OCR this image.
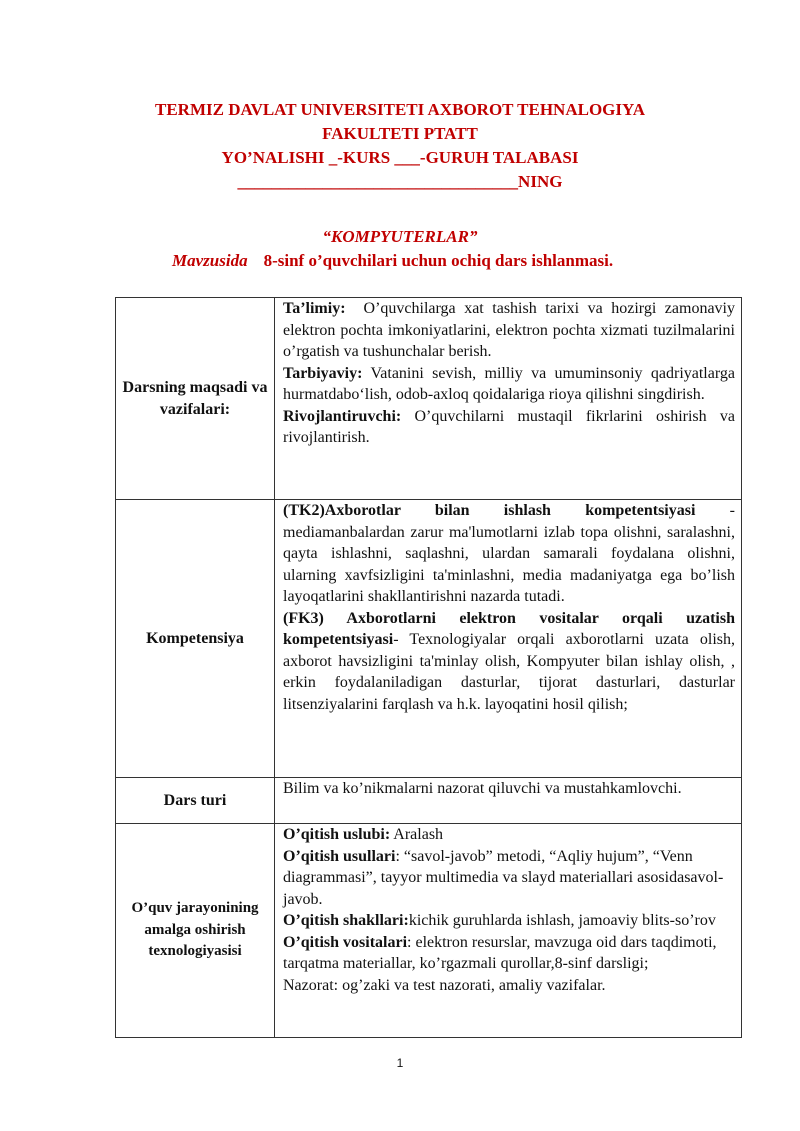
TERMIZ DAVLAT UNIVERSITETI AXBOROT TEHNALOGIYA
FAKULTETI PTATT
YO’NALISHI _-KURS ___-GURUH TALABASI
_________________________________NING
“KOMPYUTERLAR”
Mavzusida 8-sinf o’quvchilari uchun ochiq dars ishlanmasi.
Darsning maqsadi va vazifalari:	Ta’limiy: O’quvchilarga xat tashish tarixi va hozirgi zamonaviy elektron pochta imkoniyatlarini, elektron pochta xizmati tuzilmalarini o’rgatish va tushunchalar berish.
Tarbiyaviy: Vatanini sevish, milliy va umuminsoniy qadriyatlarga hurmatdabo‘lish, odob-axloq qoidalariga rioya qilishni singdirish.
Rivojlantiruvchi: O’quvchilarni mustaqil fikrlarini oshirish va rivojlantirish.
Kompetensiya	(TK2)Axborotlar bilan ishlash kompetentsiyasi - mediamanbalardan zarur ma'lumotlarni izlab topa olishni, saralashni, qayta ishlashni, saqlashni, ulardan samarali foydalana olishni, ularning xavfsizligini ta'minlashni, media madaniyatga ega bo’lish layoqatlarini shakllantirishni nazarda tutadi.
(FK3) Axborotlarni elektron vositalar orqali uzatish kompetentsiyasi- Texnologiyalar orqali axborotlarni uzata olish, axborot havsizligini ta'minlay olish, Kompyuter bilan ishlay olish, , erkin foydalaniladigan dasturlar, tijorat dasturlari, dasturlar litsenziyalarini farqlash va h.k. layoqatini hosil qilish;
Dars turi	Bilim va ko’nikmalarni nazorat qiluvchi va mustahkamlovchi.
O’quv jarayonining amalga oshirish texnologiyasisi	O’qitish uslubi: Aralash
O’qitish usullari: “savol-javob” metodi, “Aqliy hujum”, “Venn diagrammasi”, tayyor multimedia va slayd materiallari asosidasavol-javob.
O’qitish shakllari:kichik guruhlarda ishlash, jamoaviy blits-so’rov
O’qitish vositalari: elektron resurslar, mavzuga oid dars taqdimoti, tarqatma materiallar, ko’rgazmali qurollar,8-sinf darsligi;
Nazorat: og’zaki va test nazorati, amaliy vazifalar.
1
